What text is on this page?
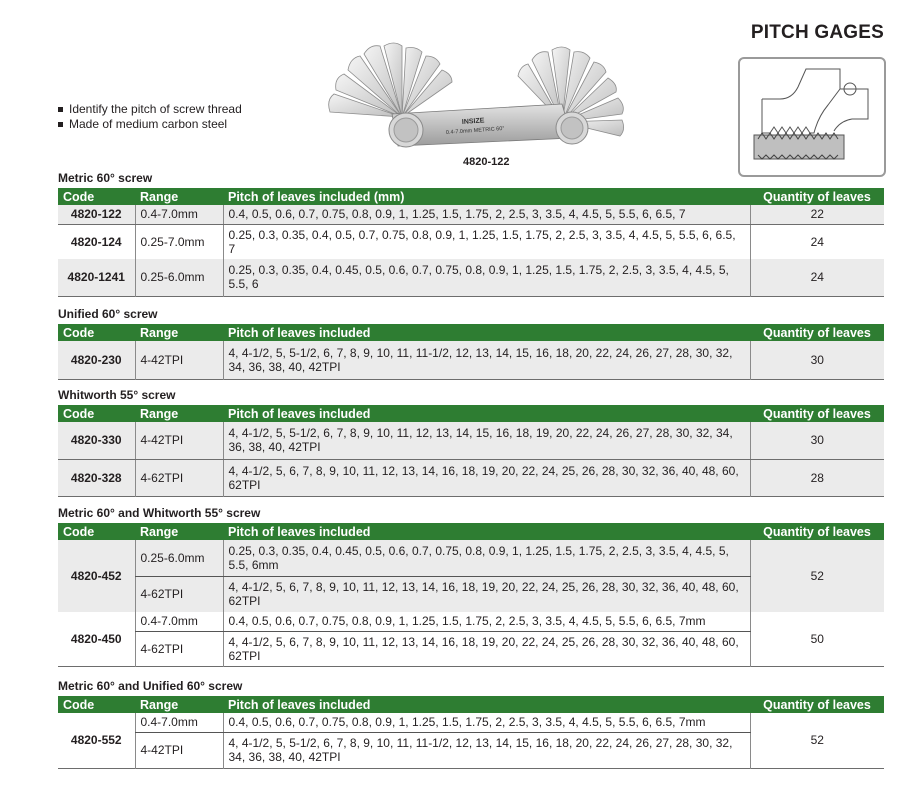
PITCH GAGES
Identify the pitch of screw thread
Made of medium carbon steel	INSIZE
0.4-7.0mm METRIC 60°
4820-122
Metric 60° screw
Code	Range	Pitch of leaves included (mm)	Quantity of leaves
4820-122	0.4-7.0mm	0.4, 0.5, 0.6, 0.7, 0.75, 0.8, 0.9, 1, 1.25, 1.5, 1.75, 2, 2.5, 3, 3.5, 4, 4.5, 5, 5.5, 6, 6.5, 7	22
4820-124	0.25-7.0mm	0.25, 0.3, 0.35, 0.4, 0.5, 0.7, 0.75, 0.8, 0.9, 1, 1.25, 1.5, 1.75, 2, 2.5, 3, 3.5, 4, 4.5, 5, 5.5, 6, 6.5, 7	24
4820-1241	0.25-6.0mm	0.25, 0.3, 0.35, 0.4, 0.45, 0.5, 0.6, 0.7, 0.75, 0.8, 0.9, 1, 1.25, 1.5, 1.75, 2, 2.5, 3, 3.5, 4, 4.5, 5, 5.5, 6	24
Unified 60° screw
Code	Range	Pitch of leaves included	Quantity of leaves
4820-230	4-42TPI	4, 4-1/2, 5, 5-1/2, 6, 7, 8, 9, 10, 11, 11-1/2, 12, 13, 14, 15, 16, 18, 20, 22, 24, 26, 27, 28, 30, 32, 34, 36, 38, 40, 42TPI	30
Whitworth 55° screw
Code	Range	Pitch of leaves included	Quantity of leaves
4820-330	4-42TPI	4, 4-1/2, 5, 5-1/2, 6, 7, 8, 9, 10, 11, 12, 13, 14, 15, 16, 18, 19, 20, 22, 24, 26, 27, 28, 30, 32, 34, 36, 38, 40, 42TPI	30
4820-328	4-62TPI	4, 4-1/2, 5, 6, 7, 8, 9, 10, 11, 12, 13, 14, 16, 18, 19, 20, 22, 24, 25, 26, 28, 30, 32, 36, 40, 48, 60, 62TPI	28
Metric 60° and Whitworth 55° screw
Code	Range	Pitch of leaves included	Quantity of leaves
4820-452	0.25-6.0mm	0.25, 0.3, 0.35, 0.4, 0.45, 0.5, 0.6, 0.7, 0.75, 0.8, 0.9, 1, 1.25, 1.5, 1.75, 2, 2.5, 3, 3.5, 4, 4.5, 5, 5.5, 6mm	52
	4-62TPI	4, 4-1/2, 5, 6, 7, 8, 9, 10, 11, 12, 13, 14, 16, 18, 19, 20, 22, 24, 25, 26, 28, 30, 32, 36, 40, 48, 60, 62TPI	
4820-450	0.4-7.0mm	0.4, 0.5, 0.6, 0.7, 0.75, 0.8, 0.9, 1, 1.25, 1.5, 1.75, 2, 2.5, 3, 3.5, 4, 4.5, 5, 5.5, 6, 6.5, 7mm	50
	4-62TPI	4, 4-1/2, 5, 6, 7, 8, 9, 10, 11, 12, 13, 14, 16, 18, 19, 20, 22, 24, 25, 26, 28, 30, 32, 36, 40, 48, 60, 62TPI	
Metric 60° and Unified 60° screw
Code	Range	Pitch of leaves included	Quantity of leaves
4820-552	0.4-7.0mm	0.4, 0.5, 0.6, 0.7, 0.75, 0.8, 0.9, 1, 1.25, 1.5, 1.75, 2, 2.5, 3, 3.5, 4, 4.5, 5, 5.5, 6, 6.5, 7mm	52
	4-42TPI	4, 4-1/2, 5, 5-1/2, 6, 7, 8, 9, 10, 11, 11-1/2, 12, 13, 14, 15, 16, 18, 20, 22, 24, 26, 27, 28, 30, 32, 34, 36, 38, 40, 42TPI	
